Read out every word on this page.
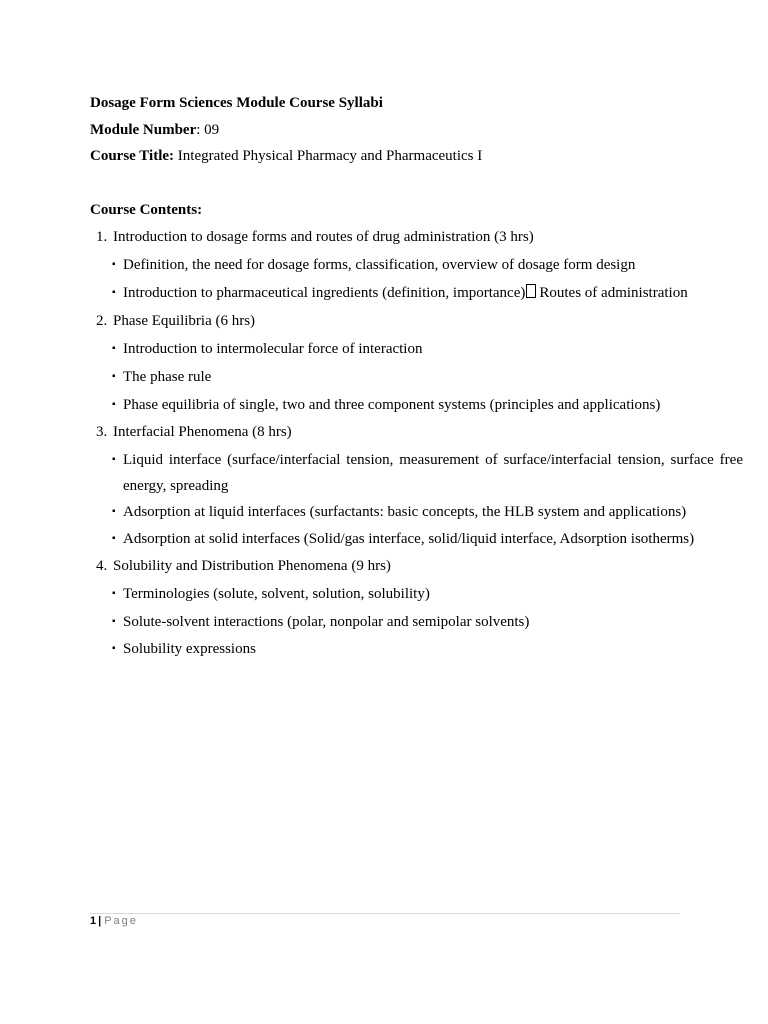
Dosage Form Sciences Module Course Syllabi
Module Number: 09
Course Title: Integrated Physical Pharmacy and Pharmaceutics I
Course Contents:
1. Introduction to dosage forms and routes of drug administration (3 hrs)
▪ Definition, the need for dosage forms, classification, overview of dosage form design
▪ Introduction to pharmaceutical ingredients (definition, importance) Routes of administration
2. Phase Equilibria (6 hrs)
▪ Introduction to intermolecular force of interaction
▪ The phase rule
▪ Phase equilibria of single, two and three component systems (principles and applications)
3. Interfacial Phenomena (8 hrs)
▪ Liquid interface (surface/interfacial tension, measurement of surface/interfacial tension, surface free
energy, spreading
▪ Adsorption at liquid interfaces (surfactants: basic concepts, the HLB system and applications)
▪ Adsorption at solid interfaces (Solid/gas interface, solid/liquid interface, Adsorption isotherms)
4. Solubility and Distribution Phenomena (9 hrs)
▪ Terminologies (solute, solvent, solution, solubility)
▪ Solute-solvent interactions (polar, nonpolar and semipolar solvents)
▪ Solubility expressions
1 | Page
